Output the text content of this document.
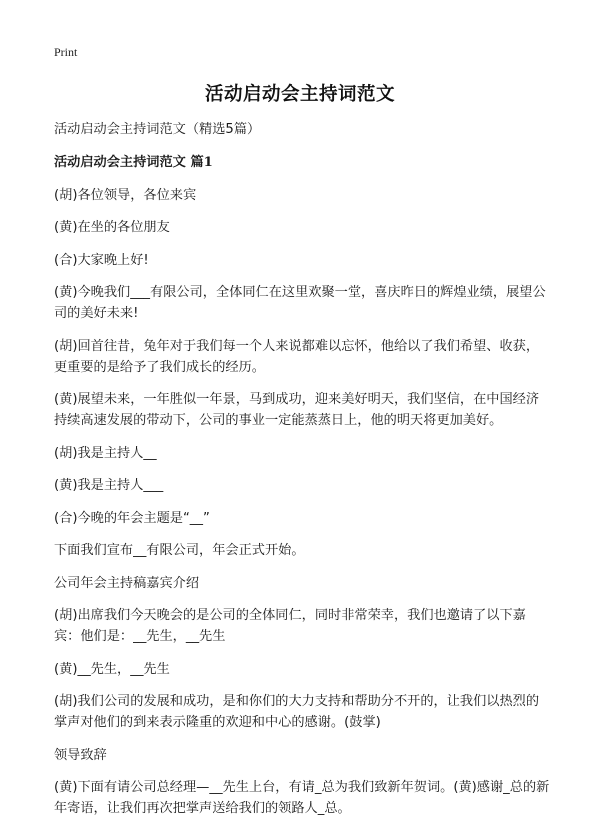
Print
活动启动会主持词范文
活动启动会主持词范文（精选5篇）
活动启动会主持词范文 篇1
(胡)各位领导，各位来宾
(黄)在坐的各位朋友
(合)大家晚上好!
(黄)今晚我们___有限公司，全体同仁在这里欢聚一堂，喜庆昨日的辉煌业绩，展望公司的美好未来!
(胡)回首往昔，兔年对于我们每一个人来说都难以忘怀，他给以了我们希望、收获，更重要的是给予了我们成长的经历。
(黄)展望未来，一年胜似一年景，马到成功，迎来美好明天，我们坚信，在中国经济持续高速发展的带动下，公司的事业一定能蒸蒸日上，他的明天将更加美好。
(胡)我是主持人__
(黄)我是主持人___
(合)今晚的年会主题是“__”
下面我们宣布__有限公司，年会正式开始。
公司年会主持稿嘉宾介绍
(胡)出席我们今天晚会的是公司的全体同仁，同时非常荣幸，我们也邀请了以下嘉宾：他们是：__先生，__先生
(黄)__先生，__先生
(胡)我们公司的发展和成功，是和你们的大力支持和帮助分不开的，让我们以热烈的掌声对他们的到来表示隆重的欢迎和中心的感谢。(鼓掌)
领导致辞
(黄)下面有请公司总经理—__先生上台，有请_总为我们致新年贺词。(黄)感谢_总的新年寄语，让我们再次把掌声送给我们的领路人_总。
